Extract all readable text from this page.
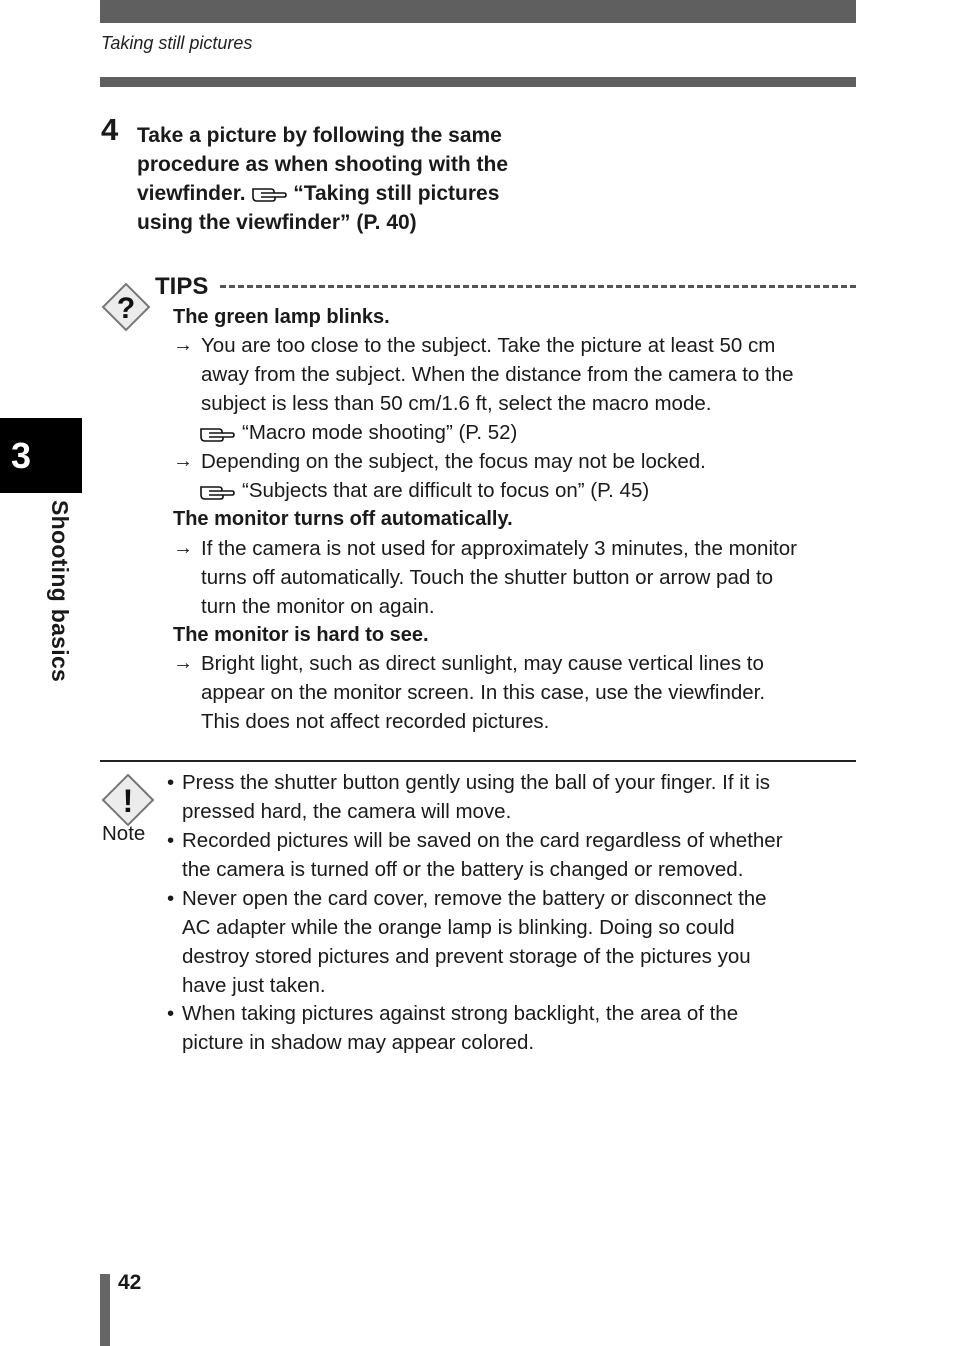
Taking still pictures
4 Take a picture by following the same
procedure as when shooting with the
viewfinder. “Taking still pictures
using the viewfinder” (P. 40)
?
TIPS
The green lamp blinks.
→ You are too close to the subject. Take the picture at least 50 cm
away from the subject. When the distance from the camera to the
subject is less than 50 cm/1.6 ft, select the macro mode.
“Macro mode shooting” (P. 52)
→ Depending on the subject, the focus may not be locked.
“Subjects that are difficult to focus on” (P. 45)
The monitor turns off automatically.
→ If the camera is not used for approximately 3 minutes, the monitor
turns off automatically. Touch the shutter button or arrow pad to
turn the monitor on again.
The monitor is hard to see.
→ Bright light, such as direct sunlight, may cause vertical lines to
appear on the monitor screen. In this case, use the viewfinder.
This does not affect recorded pictures.
!
Note
• Press the shutter button gently using the ball of your finger. If it is
pressed hard, the camera will move.
• Recorded pictures will be saved on the card regardless of whether
the camera is turned off or the battery is changed or removed.
• Never open the card cover, remove the battery or disconnect the
AC adapter while the orange lamp is blinking. Doing so could
destroy stored pictures and prevent storage of the pictures you
have just taken.
• When taking pictures against strong backlight, the area of the
picture in shadow may appear colored.
3
Shooting basics
42
